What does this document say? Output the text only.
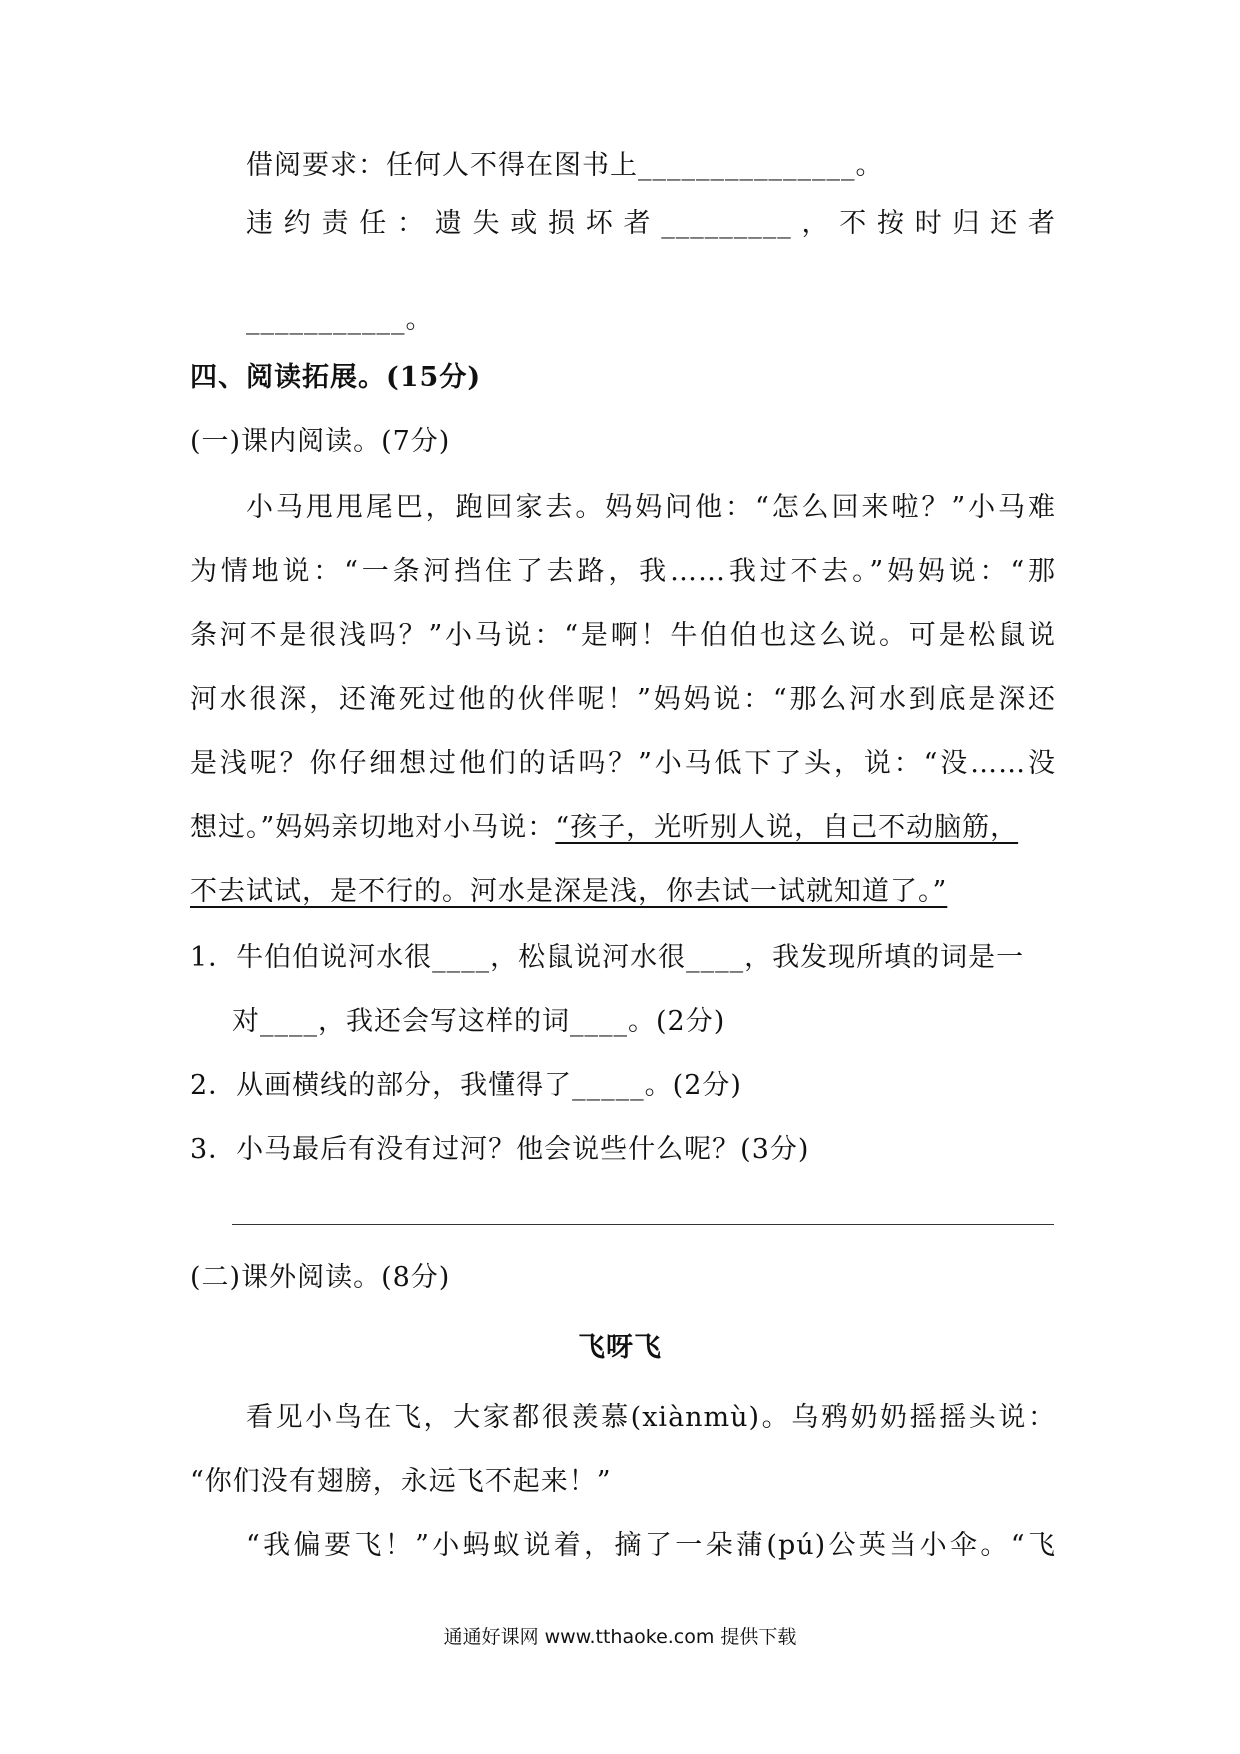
借阅要求：任何人不得在图书上_______________。
违约责任：遗失或损坏者_________，不按时归还者
___________。
四、阅读拓展。(15分)
(一)课内阅读。(7分)
小马甩甩尾巴，跑回家去。妈妈问他：“怎么回来啦？”小马难
为情地说：“一条河挡住了去路，我……我过不去。”妈妈说：“那
条河不是很浅吗？”小马说：“是啊！牛伯伯也这么说。可是松鼠说
河水很深，还淹死过他的伙伴呢！”妈妈说：“那么河水到底是深还
是浅呢？你仔细想过他们的话吗？”小马低下了头，说：“没……没
想过。”妈妈亲切地对小马说：“孩子，光听别人说，自己不动脑筋，
不去试试，是不行的。河水是深是浅，你去试一试就知道了。”
1．牛伯伯说河水很____，松鼠说河水很____，我发现所填的词是一
对____，我还会写这样的词____。(2分)
2．从画横线的部分，我懂得了_____。(2分)
3．小马最后有没有过河？他会说些什么呢？(3分)
(二)课外阅读。(8分)
飞呀飞
看见小鸟在飞，大家都很羡慕(xiànmù)。乌鸦奶奶摇摇头说：
“你们没有翅膀，永远飞不起来！”
“我偏要飞！”小蚂蚁说着，摘了一朵蒲(pú)公英当小伞。“飞
通通好课网 www.tthaoke.com 提供下载
